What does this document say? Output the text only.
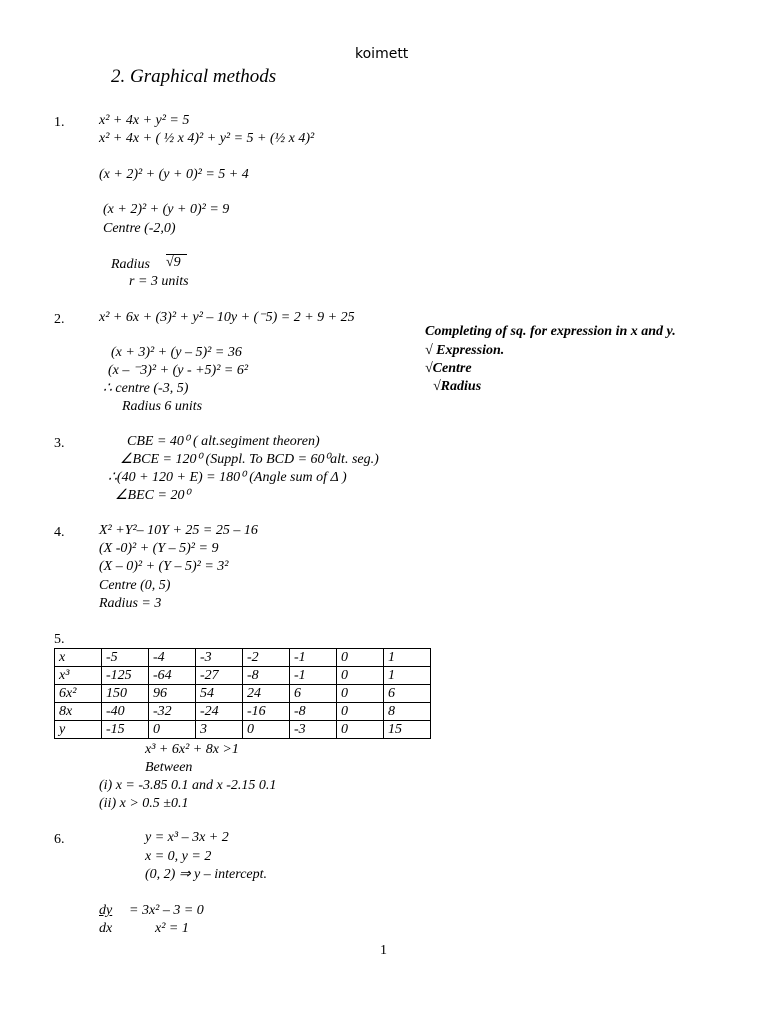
koimett
2. Graphical methods
1. x² + 4x + y² = 5
x² + 4x + ( ½ x 4)² + y² = 5 + (½ x 4)²
(x + 2)² + (y + 0)² = 5 + 4
(x + 2)² + (y + 0)² = 9
Centre (-2,0)
Radius √9
r = 3 units
2. x² + 6x + (3)² + y² – 10y + (⁻5) = 2 + 9 + 25
(x + 3)² + (y – 5)² = 36
(x – ⁻3)² + (y - +5)² = 6²
∴ centre (-3, 5)
Radius 6 units
Completing of sq. for expression in x and y.
√ Expression.
√Centre
√Radius
3.	CBE = 40⁰ ( alt.segiment theoren)
∠BCE = 120⁰ (Suppl. To BCD = 60⁰alt. seg.)
∴(40 + 120 + E) = 180⁰ (Angle sum of Δ )
∠BEC = 20⁰
4. X² +Y²– 10Y + 25 = 25 – 16
(X -0)² + (Y – 5)² = 9
(X – 0)² + (Y – 5)² = 3²
Centre (0, 5)
Radius = 3
5.
x	-5	-4	-3	-2	-1	0	1
x³	-125	-64	-27	-8	-1	0	1
6x²	150	96	54	24	6	0	6
8x	-40	-32	-24	-16	-8	0	8
y	-15	0	3	0	-3	0	15
x³ + 6x² + 8x >1
Between
(i) x = -3.85 0.1 and x -2.15 0.1
(ii) x > 0.5 ±0.1
6.	y = x³ – 3x + 2
x = 0, y = 2
(0, 2) ⇒ y – intercept.
dy = 3x² – 3 = 0
dx	x² = 1
1
